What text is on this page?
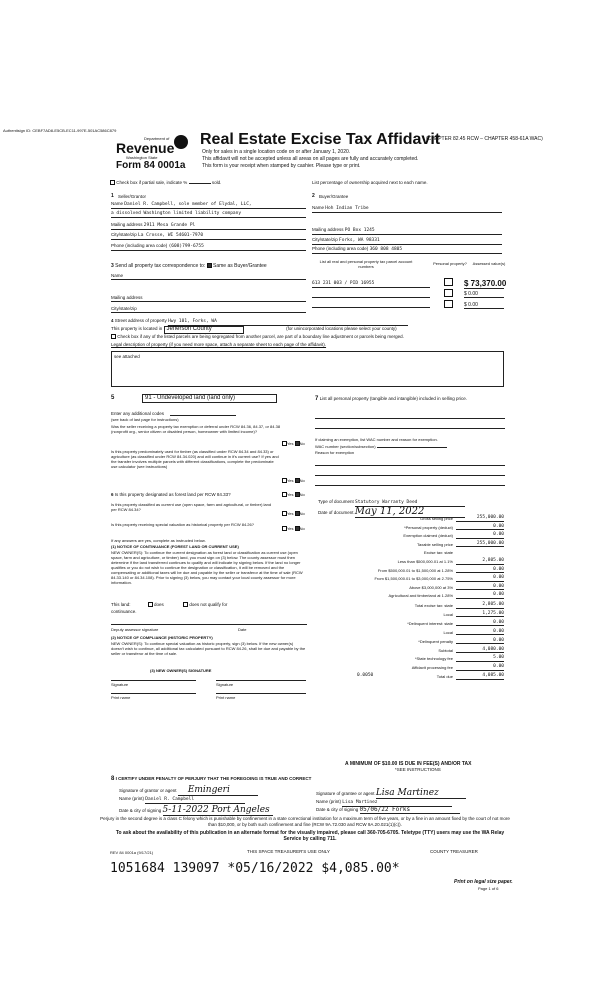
Authentisign ID: CEBF7AD8-E5CB-EC11-997E-501AC586C879
Department of
Revenue
Washington State
Form 84 0001a
Real Estate Excise Tax Affidavit
(CHAPTER 82.45 RCW – CHAPTER 458-61A WAC)
Only for sales in a single location code on or after January 1, 2020.
This affidavit will not be accepted unless all areas on all pages are fully and accurately completed.
This form is your receipt when stamped by cashier. Please type or print.
Check box if partial sale, indicate %	sold.	List percentage of ownership acquired next to each name.
1 Seller/Grantor
Name Daniel R. Campbell, sole member of Elydal, LLC,
a dissolved Washington limited liability company
Mailing address 2911 Mesa Grande Pl
City/state/zip La Crosse, WI 54601-7970
Phone (including area code) (608)799-6755
2 Buyer/Grantee
Name Hoh Indian Tribe
Mailing address PO Box 1245
City/state/zip Forks, WA 98331
Phone (including area code) 360 808 4805
3 Send all property tax correspondence to: Same as Buyer/Grantee
Name
Mailing address
City/state/zip
List all real and personal property tax parcel account numbers
Personal property? Assessed value(s)
613 231 003 / PID 16955	$ 73,370.00
$ 0.00
$ 0.00
4 Street address of property Hwy 101, Forks, WA
This property is located in Jefferson County	(for unincorporated locations please select your county)
Check box if any of the listed parcels are being segregated from another parcel, are part of a boundary line adjustment or parcels being merged.
Legal description of property (if you need more space, attach a separate sheet to each page of the affidavit).
see attached
5	91 - Undeveloped land (land only)
Enter any additional codes
(see back of last page for instructions)
Was the seller receiving a property tax exemption or deferral under RCW 84.36, 84.37, or 84.38 (nonprofit org., senior citizen or disabled person, homeowner with limited income)?
Yes No
Is this property predominately used for timber (as classified under RCW 84.34 and 84.33) or agriculture (as classified under RCW 84.34.020) and will continue in it's current use? If yes and the transfer involves multiple parcels with different classifications, complete the predominate use calculator (see instructions)
Yes No
6 Is this property designated as forest land per RCW 84.33?	Yes No
Is this property classified as current use (open space, farm and agricultural, or timber) land per RCW 84.34?
Yes No
Is this property receiving special valuation as historical property per RCW 84.26?
Yes No
If any answers are yes, complete as instructed below.
(1) NOTICE OF CONTINUANCE (FOREST LAND OR CURRENT USE)
NEW OWNER(S): To continue the current designation as forest land or classification as current use (open space, farm and agriculture, or timber) land, you must sign on (3) below. The county assessor must then determine if the land transferred continues to qualify and will indicate by signing below. If the land no longer qualifies or you do not wish to continue the designation or classification, it will be removed and the compensating or additional taxes will be due and payable by the seller or transferor at the time of sale (RCW 84.33.140 or 84.34.108). Prior to signing (3) below, you may contact your local county assessor for more information.
This land:	does	does not qualify for
continuance.
Deputy assessor signature	Date
(2) NOTICE OF COMPLIANCE (HISTORIC PROPERTY)
NEW OWNER(S): To continue special valuation as historic property, sign (3) below. If the new owner(s) doesn't wish to continue, all additional tax calculated pursuant to RCW 84.26, shall be due and payable by the seller or transferor at the time of sale.
(3) NEW OWNER(S) SIGNATURE
Signature	Signature
Print name	Print name
7 List all personal property (tangible and intangible) included in selling price.
If claiming an exemption, list WAC number and reason for exemption.
WAC number (section/subsection)
Reason for exemption
Type of document Statutory Warranty Deed
Date of document May 11, 2022
Gross selling price	255,000.00
*Personal property (deduct)	0.00
Exemption claimed (deduct)	0.00
Taxable selling price	255,000.00
Excise tax: state
Less than $500,000.01 at 1.1%	2,805.00
From $500,000.01 to $1,500,000 at 1.28%	0.00
From $1,500,000.01 to $3,000,000 at 2.75%	0.00
Above $3,000,000 at 3%	0.00
Agricultural and timberland at 1.28%	0.00
Total excise tax: state	2,805.00
Local	1,275.00
*Delinquent interest: state	0.00
Local	0.00
*Delinquent penalty	0.00
Subtotal	4,080.00
*State technology fee	5.00
Affidavit processing fee	0.00
Total due	4,085.00
0.0050
A MINIMUM OF $10.00 IS DUE IN FEE(S) AND/OR TAX
*SEE INSTRUCTIONS
8 I CERTIFY UNDER PENALTY OF PERJURY THAT THE FOREGOING IS TRUE AND CORRECT
Signature of grantor or agent Emingeri
Name (print) Daniel R. Campbell
Date & city of signing 5-11-2022 Port Angeles
Signature of grantee or agent Lisa Martinez
Name (print) Lisa Martinez
Date & city of signing 05/06/22 Forks
Perjury in the second degree is a class C felony which is punishable by confinement in a state correctional institution for a maximum term of five years, or by a fine in an amount fixed by the court of not more than $10,000, or by both such confinement and fine (RCW 9A.72.030 and RCW 9A.20.021(1)(c)).
To ask about the availability of this publication in an alternate format for the visually impaired, please call 360-705-6705. Teletype (TTY) users may use the WA Relay Service by calling 711.
REV 84 0001a (9/17/21)	THIS SPACE TREASURER'S USE ONLY	COUNTY TREASURER
1051684 139097 *05/16/2022 $4,085.00*
Print on legal size paper.
Page 1 of 6
